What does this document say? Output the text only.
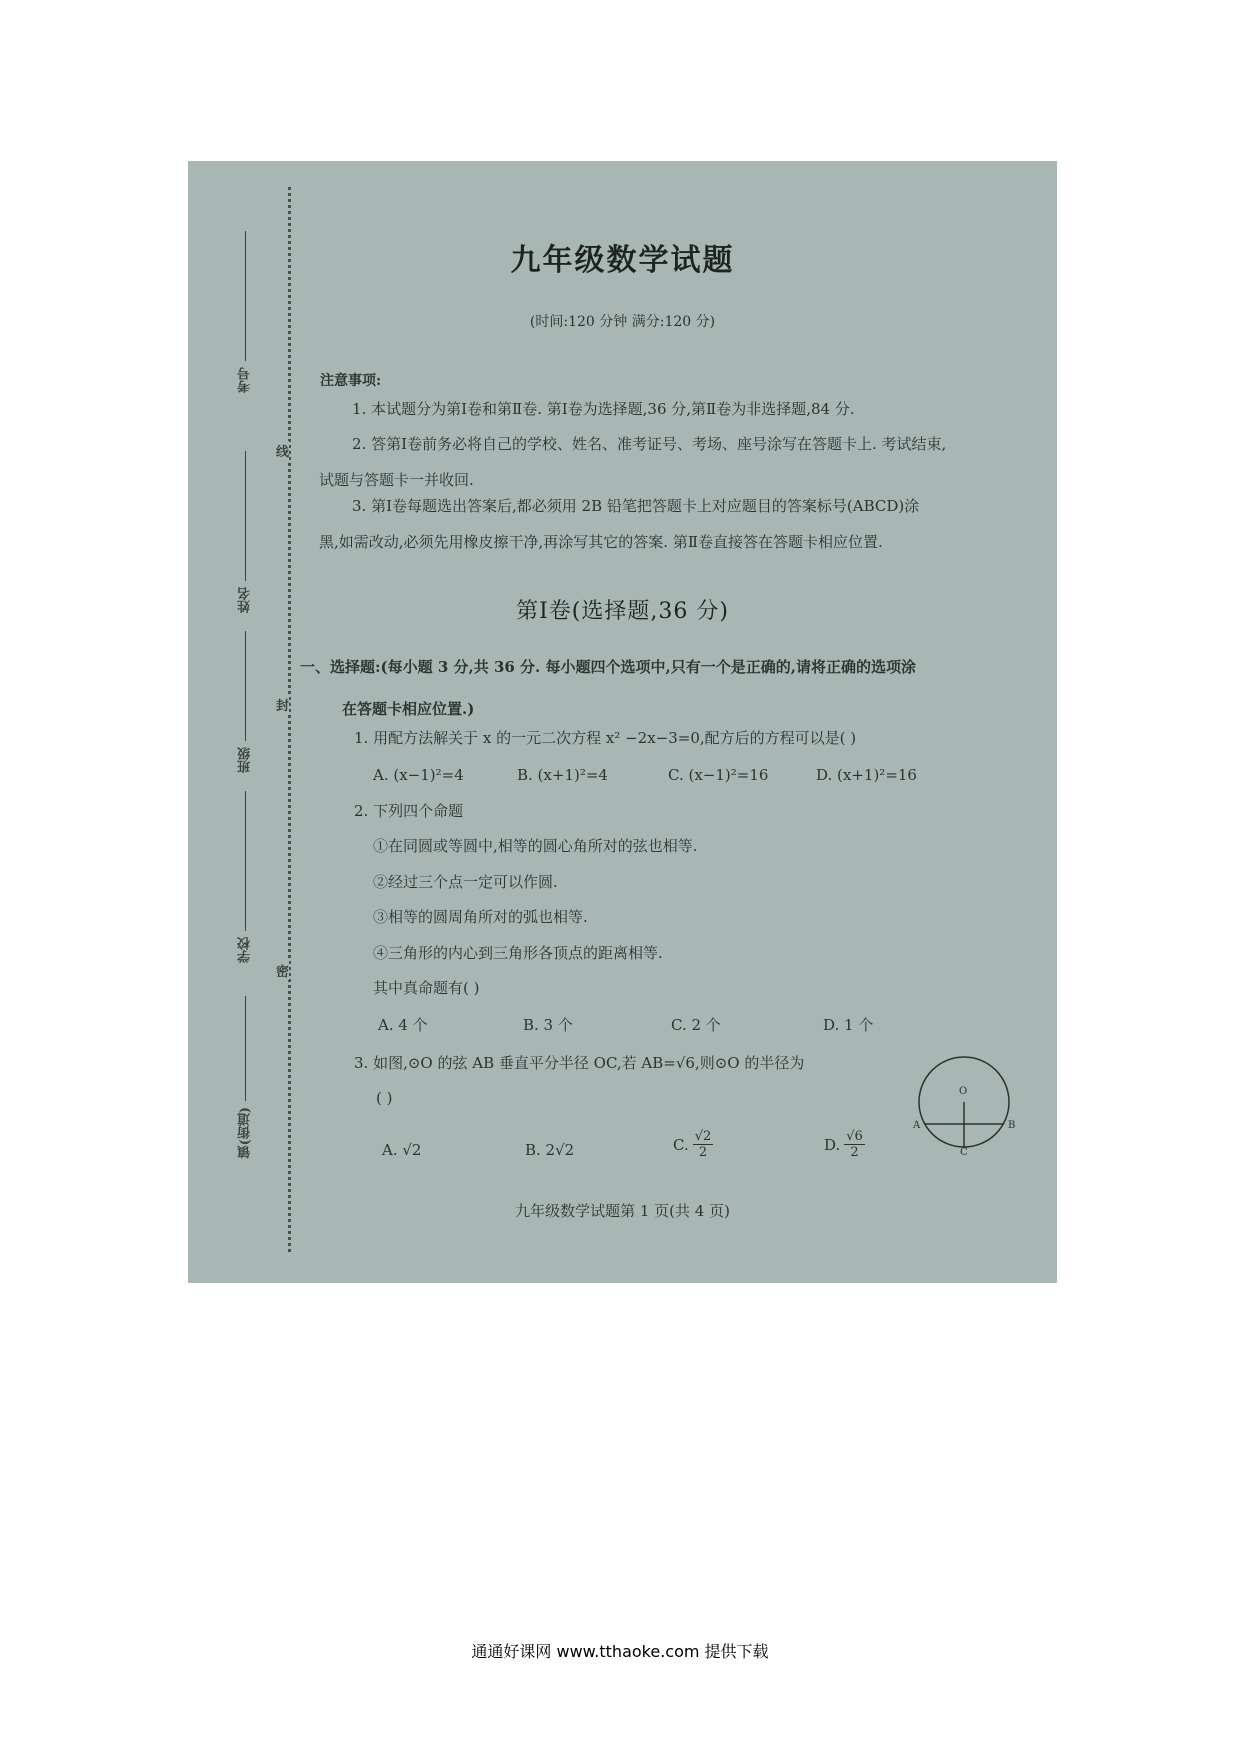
考号
姓名
班级
学校
镇(街道)
线
封
密
九年级数学试题
(时间:120 分钟 满分:120 分)
注意事项:
1. 本试题分为第Ⅰ卷和第Ⅱ卷. 第Ⅰ卷为选择题,36 分,第Ⅱ卷为非选择题,84 分.
2. 答第Ⅰ卷前务必将自己的学校、姓名、准考证号、考场、座号涂写在答题卡上. 考试结束,
试题与答题卡一并收回.
3. 第Ⅰ卷每题选出答案后,都必须用 2B 铅笔把答题卡上对应题目的答案标号(ABCD)涂
黑,如需改动,必须先用橡皮擦干净,再涂写其它的答案. 第Ⅱ卷直接答在答题卡相应位置.
第Ⅰ卷(选择题,36 分)
一、选择题:(每小题 3 分,共 36 分. 每小题四个选项中,只有一个是正确的,请将正确的选项涂
在答题卡相应位置.)
1. 用配方法解关于 x 的一元二次方程 x² −2x−3=0,配方后的方程可以是( )
A. (x−1)²=4	B. (x+1)²=4	C. (x−1)²=16	D. (x+1)²=16
2. 下列四个命题
①在同圆或等圆中,相等的圆心角所对的弦也相等.
②经过三个点一定可以作圆.
③相等的圆周角所对的弧也相等.
④三角形的内心到三角形各顶点的距离相等.
其中真命题有( )
A. 4 个	B. 3 个	C. 2 个	D. 1 个
3. 如图,⊙O 的弦 AB 垂直平分半径 OC,若 AB=√6,则⊙O 的半径为
( )
A. √2	B. 2√2	C. $\frac{√2}{2}$	D. $\frac{√6}{2}$
O
A	B
C
九年级数学试题第 1 页(共 4 页)
通通好课网 www.tthaoke.com 提供下载
